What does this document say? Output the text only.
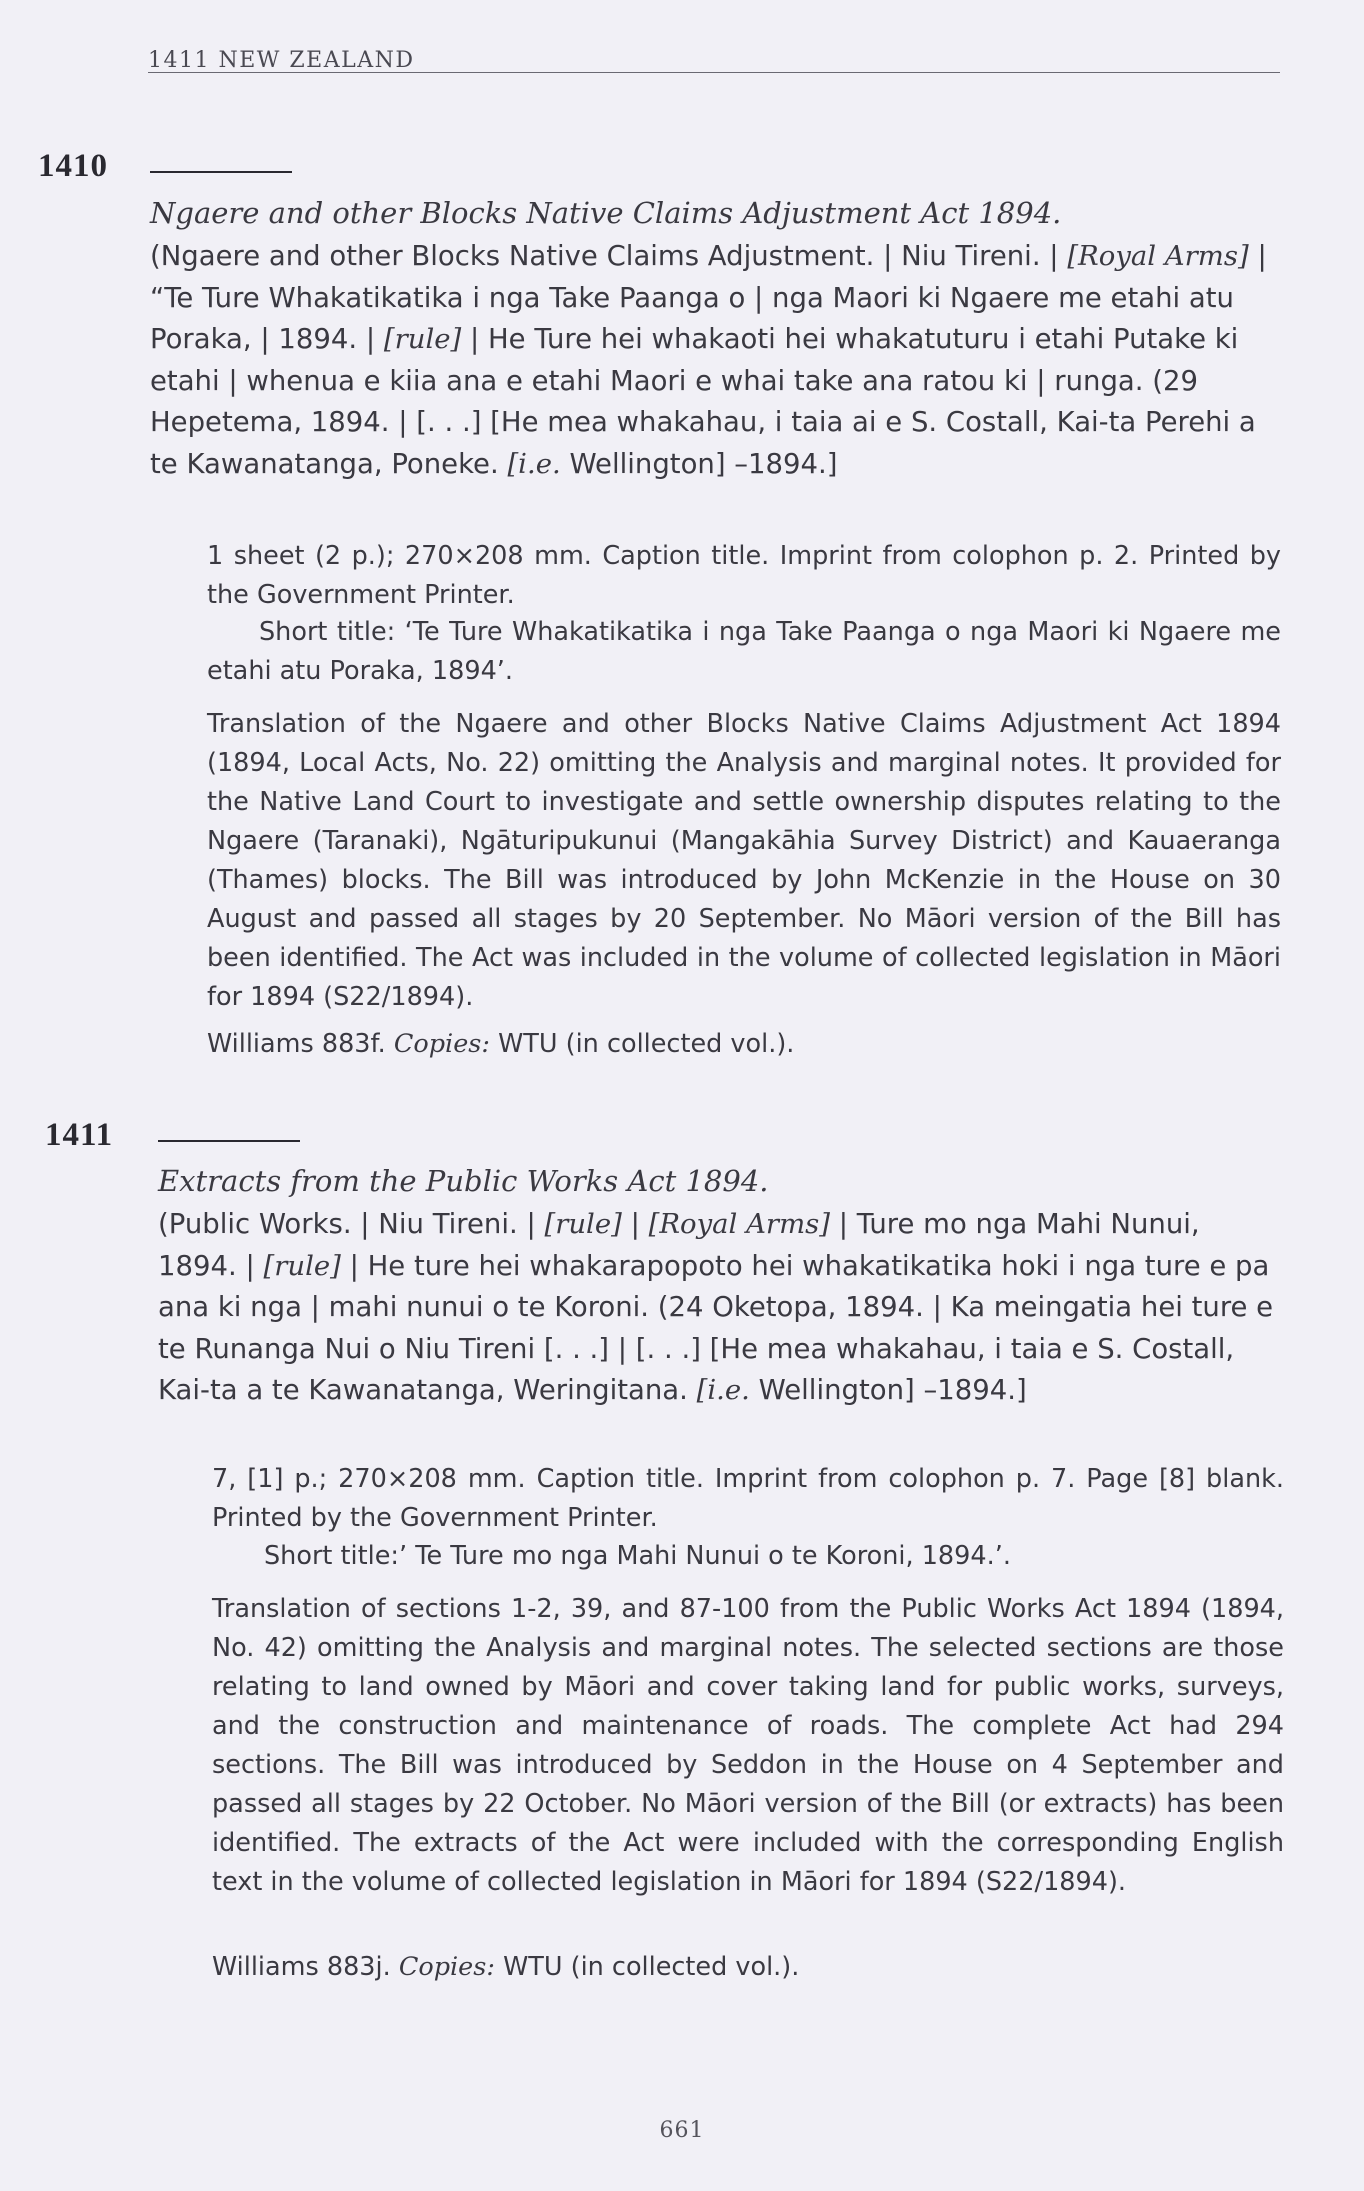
1411 NEW ZEALAND
1410

Ngaere and other Blocks Native Claims Adjustment Act 1894.

(Ngaere and other Blocks Native Claims Adjustment. | Niu Tireni. | [Royal Arms] | “Te Ture Whakatikatika i nga Take Paanga o | nga Maori ki Ngaere me etahi atu Poraka, | 1894. | [rule] | He Ture hei whakaoti hei whakatuturu i etahi Putake ki etahi | whenua e kiia ana e etahi Maori e whai take ana ratou ki | runga. (29 Hepetema, 1894. | [. . .] [He mea whakahau, i taia ai e S. Costall, Kai-ta Perehi a te Kawanatanga, Poneke. [i.e. Wellington] –1894.]

1 sheet (2 p.); 270×208 mm. Caption title. Imprint from colophon p. 2. Printed by the Government Printer.

Short title: ‘Te Ture Whakatikatika i nga Take Paanga o nga Maori ki Ngaere me etahi atu Poraka, 1894’.

Translation of the Ngaere and other Blocks Native Claims Adjustment Act 1894 (1894, Local Acts, No. 22) omitting the Analysis and marginal notes. It provided for the Native Land Court to investigate and settle ownership disputes relating to the Ngaere (Taranaki), Ngāturipukunui (Mangakāhia Survey District) and Kauaeranga (Thames) blocks. The Bill was introduced by John McKenzie in the House on 30 August and passed all stages by 20 September. No Māori version of the Bill has been identified. The Act was included in the volume of collected legislation in Māori for 1894 (S22/1894).

Williams 883f. Copies: WTU (in collected vol.).

1411

Extracts from the Public Works Act 1894.

(Public Works. | Niu Tireni. | [rule] | [Royal Arms] | Ture mo nga Mahi Nunui, 1894. | [rule] | He ture hei whakarapopoto hei whakatikatika hoki i nga ture e pa ana ki nga | mahi nunui o te Koroni. (24 Oketopa, 1894. | Ka meingatia hei ture e te Runanga Nui o Niu Tireni [. . .] | [. . .] [He mea whakahau, i taia e S. Costall, Kai-ta a te Kawanatanga, Weringitana. [i.e. Wellington] –1894.]

7, [1] p.; 270×208 mm. Caption title. Imprint from colophon p. 7. Page [8] blank. Printed by the Government Printer.

Short title:’ Te Ture mo nga Mahi Nunui o te Koroni, 1894.’.

Translation of sections 1-2, 39, and 87-100 from the Public Works Act 1894 (1894, No. 42) omitting the Analysis and marginal notes. The selected sections are those relating to land owned by Māori and cover taking land for public works, surveys, and the construction and maintenance of roads. The complete Act had 294 sections. The Bill was introduced by Seddon in the House on 4 September and passed all stages by 22 October. No Māori version of the Bill (or extracts) has been identified. The extracts of the Act were included with the corresponding English text in the volume of collected legislation in Māori for 1894 (S22/1894).

Williams 883j. Copies: WTU (in collected vol.).

661
